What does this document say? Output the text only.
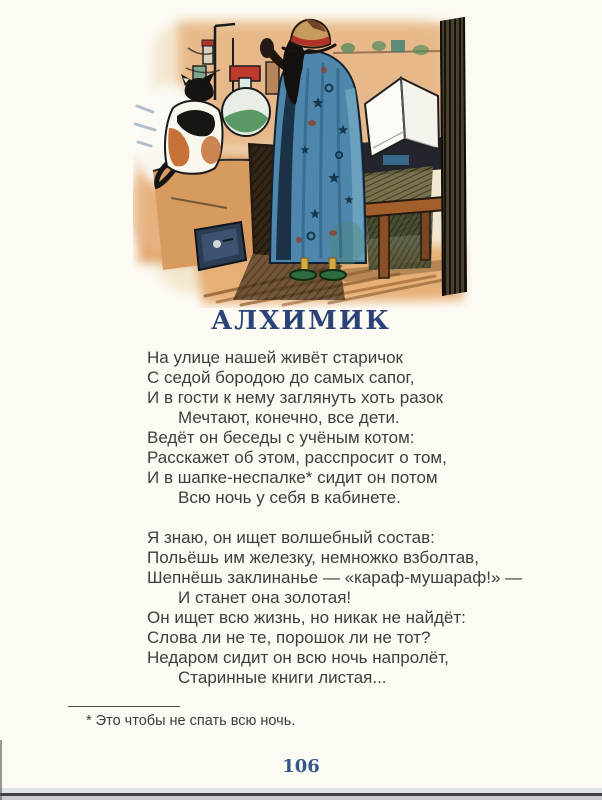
АЛХИМИК
На улице нашей живёт старичок
С седой бородою до самых сапог,
И в гости к нему заглянуть хоть разок
Мечтают, конечно, все дети.
Ведёт он беседы с учёным котом:
Расскажет об этом, расспросит о том,
И в шапке-неспалке* сидит он потом
Всю ночь у себя в кабинете.
Я знаю, он ищет волшебный состав:
Польёшь им железку, немножко взболтав,
Шепнёшь заклинанье — «караф-мушараф!» —
И станет она золотая!
Он ищет всю жизнь, но никак не найдёт:
Слова ли не те, порошок ли не тот?
Недаром сидит он всю ночь напролёт,
Старинные книги листая...
* Это чтобы не спать всю ночь.
106
